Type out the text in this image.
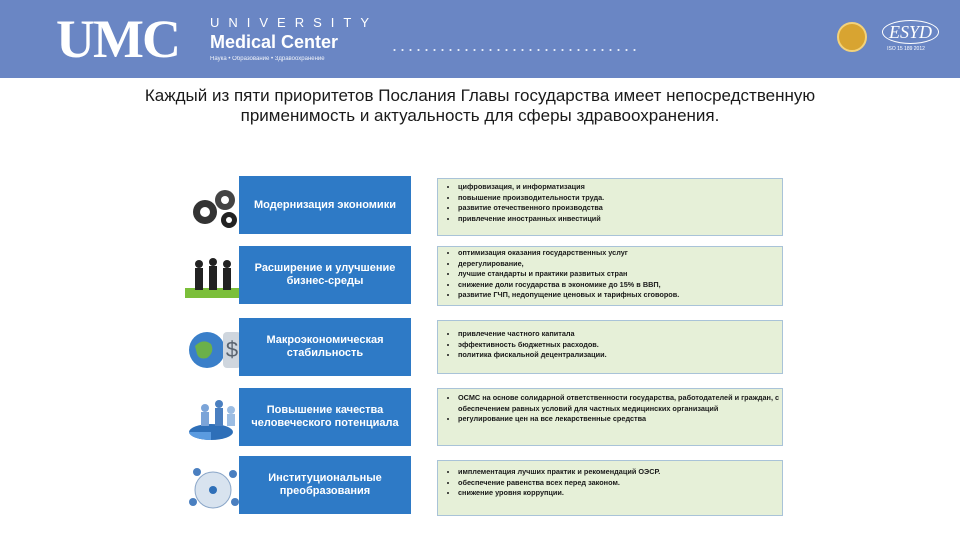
UMC UNIVERSITY
Medical Center
Наука • Образование • Здравоохранение
...............................
ESYD
ISO 15 189 2012
Каждый из пяти приоритетов Послания Главы государства имеет непосредственную применимость и актуальность для сферы здравоохранения.
Модернизация экономики
• цифровизация, и информатизация
• повышение производительности труда.
• развитие отечественного производства
• привлечение иностранных инвестиций
Расширение и улучшение бизнес-среды
• оптимизация оказания государственных услуг
• дерегулирование,
• лучшие стандарты и практики развитых стран
• снижение доли государства в экономике до 15% в ВВП,
• развитие ГЧП, недопущение ценовых и тарифных сговоров.
$	Макроэкономическая стабильность
• привлечение частного капитала
• эффективность бюджетных расходов.
• политика фискальной децентрализации.
Повышение качества человеческого потенциала
• ОСМС на основе солидарной ответственности государства, работодателей и граждан, с обеспечением равных условий для частных медицинских организаций
• регулирование цен на все лекарственные средства
Институциональные преобразования
• имплементация лучших практик и рекомендаций ОЭСР.
• обеспечение равенства всех перед законом.
• снижение уровня коррупции.
